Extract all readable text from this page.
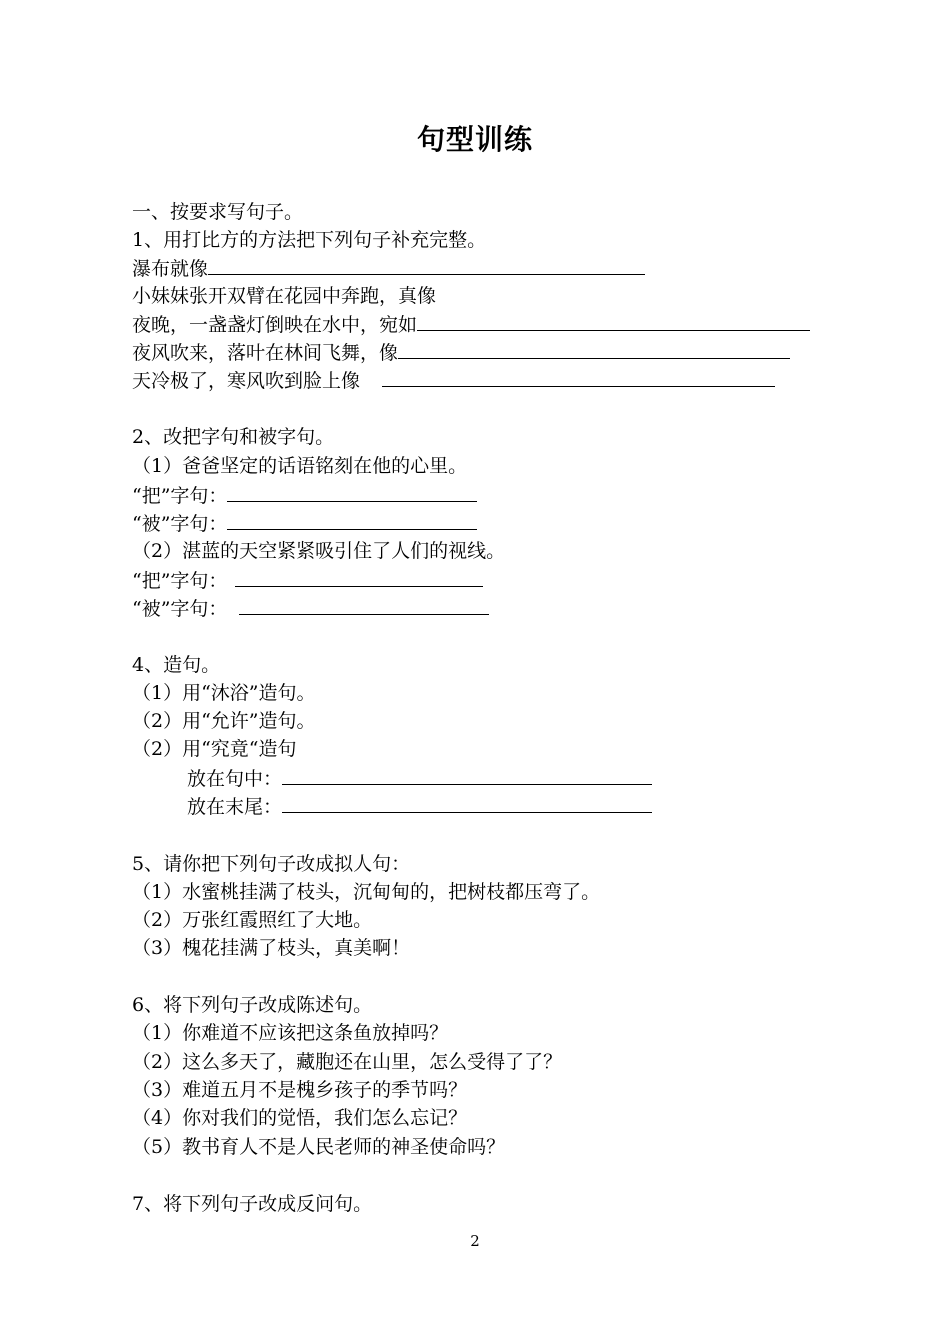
句型训练
一、按要求写句子。
1、用打比方的方法把下列句子补充完整。
瀑布就像
小妹妹张开双臂在花园中奔跑，真像
夜晚，一盏盏灯倒映在水中，宛如
夜风吹来，落叶在林间飞舞，像
天冷极了，寒风吹到脸上像
2、改把字句和被字句。
（1）爸爸坚定的话语铭刻在他的心里。
“把”字句：
“被”字句：
（2）湛蓝的天空紧紧吸引住了人们的视线。
“把”字句：
“被”字句：
4、造句。
（1）用“沐浴”造句。
（2）用“允许”造句。
（2）用“究竟“造句
放在句中：
放在末尾：
5、请你把下列句子改成拟人句：
（1）水蜜桃挂满了枝头，沉甸甸的，把树枝都压弯了。
（2）万张红霞照红了大地。
（3）槐花挂满了枝头，真美啊！
6、将下列句子改成陈述句。
（1）你难道不应该把这条鱼放掉吗？
（2）这么多天了，藏胞还在山里，怎么受得了了？
（3）难道五月不是槐乡孩子的季节吗？
（4）你对我们的觉悟，我们怎么忘记？
（5）教书育人不是人民老师的神圣使命吗？
7、将下列句子改成反问句。
2
